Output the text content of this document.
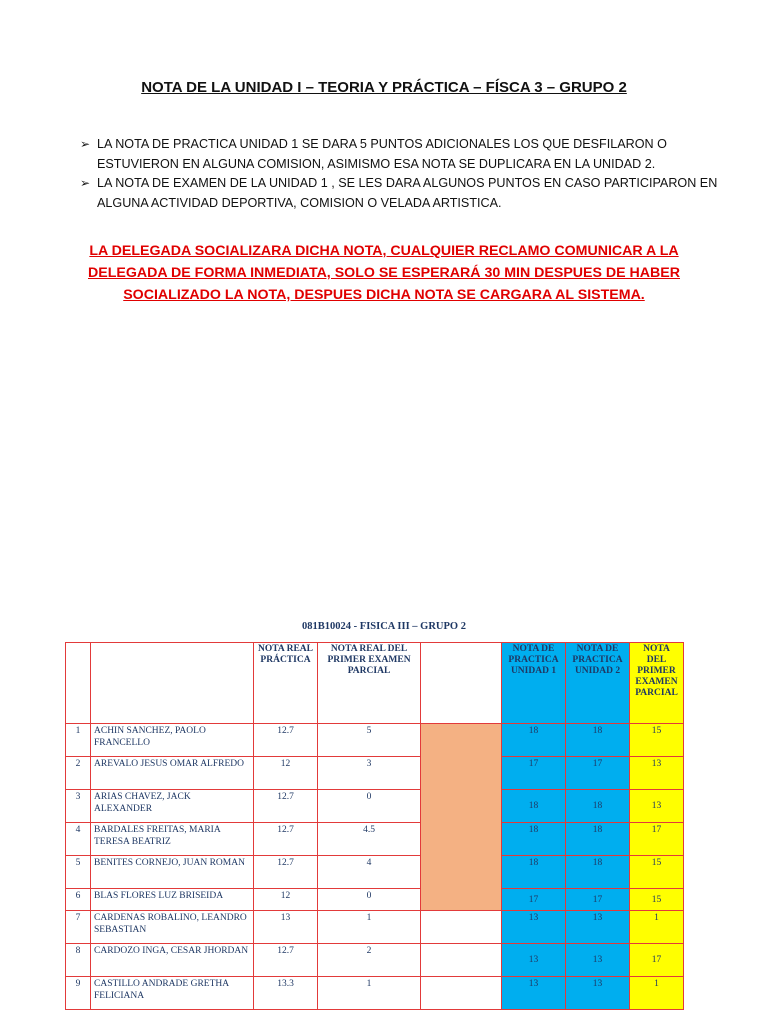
NOTA DE LA UNIDAD I – TEORIA Y PRÁCTICA – FÍSCA 3 – GRUPO 2
➢ LA NOTA DE PRACTICA UNIDAD 1 SE DARA 5 PUNTOS ADICIONALES LOS QUE DESFILARON O ESTUVIERON EN ALGUNA COMISION, ASIMISMO ESA NOTA SE DUPLICARA EN LA UNIDAD 2.
➢ LA NOTA DE EXAMEN DE LA UNIDAD 1 , SE LES DARA ALGUNOS PUNTOS EN CASO PARTICIPARON EN ALGUNA ACTIVIDAD DEPORTIVA, COMISION O VELADA ARTISTICA.
LA DELEGADA SOCIALIZARA DICHA NOTA, CUALQUIER RECLAMO COMUNICAR A LA DELEGADA DE FORMA INMEDIATA, SOLO SE ESPERARÁ 30 MIN DESPUES DE HABER SOCIALIZADO LA NOTA, DESPUES DICHA NOTA SE CARGARA AL SISTEMA.
081B10024 - FISICA III – GRUPO 2
		NOTA REAL PRÁCTICA	NOTA REAL DEL PRIMER EXAMEN PARCIAL		NOTA DE PRACTICA UNIDAD 1	NOTA DE PRACTICA UNIDAD 2	NOTA DEL PRIMER EXAMEN PARCIAL
1	ACHIN SANCHEZ, PAOLO FRANCELLO	12.7	5		18	18	15
2	AREVALO JESUS OMAR ALFREDO	12	3		17	17	13
3	ARIAS CHAVEZ, JACK ALEXANDER	12.7	0		18	18	13
4	BARDALES FREITAS, MARIA TERESA BEATRIZ	12.7	4.5		18	18	17
5	BENITES CORNEJO, JUAN ROMAN	12.7	4		18	18	15
6	BLAS FLORES LUZ BRISEIDA	12	0		17	17	15
7	CARDENAS ROBALINO, LEANDRO SEBASTIAN	13	1		13	13	1
8	CARDOZO INGA, CESAR JHORDAN	12.7	2		13	13	17
9	CASTILLO ANDRADE GRETHA FELICIANA	13.3	1		13	13	1
